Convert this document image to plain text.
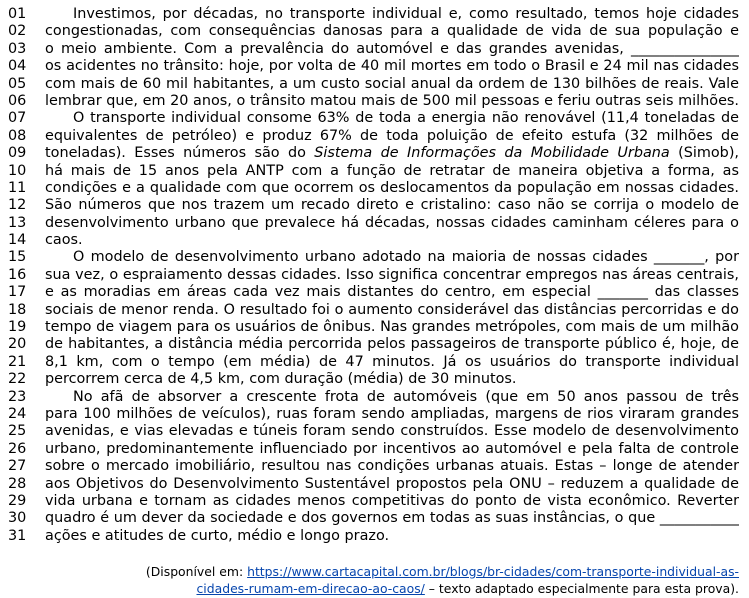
01	Investimos, por décadas, no transporte individual e, como resultado, temos hoje cidades
02	congestionadas, com consequências danosas para a qualidade de vida de sua população e
03	o meio ambiente. Com a prevalência do automóvel e das grandes avenidas, _______________
04	os acidentes no trânsito: hoje, por volta de 40 mil mortes em todo o Brasil e 24 mil nas cidades
05	com mais de 60 mil habitantes, a um custo social anual da ordem de 130 bilhões de reais. Vale
06	lembrar que, em 20 anos, o trânsito matou mais de 500 mil pessoas e feriu outras seis milhões.
07	O transporte individual consome 63% de toda a energia não renovável (11,4 toneladas de
08	equivalentes de petróleo) e produz 67% de toda poluição de efeito estufa (32 milhões de
09	toneladas). Esses números são do Sistema de Informações da Mobilidade Urbana (Simob),
10	há mais de 15 anos pela ANTP com a função de retratar de maneira objetiva a forma, as
11	condições e a qualidade com que ocorrem os deslocamentos da população em nossas cidades.
12	São números que nos trazem um recado direto e cristalino: caso não se corrija o modelo de
13	desenvolvimento urbano que prevalece há décadas, nossas cidades caminham céleres para o
14	caos.
15	O modelo de desenvolvimento urbano adotado na maioria de nossas cidades _______, por
16	sua vez, o espraiamento dessas cidades. Isso significa concentrar empregos nas áreas centrais,
17	e as moradias em áreas cada vez mais distantes do centro, em especial _______ das classes
18	sociais de menor renda. O resultado foi o aumento considerável das distâncias percorridas e do
19	tempo de viagem para os usuários de ônibus. Nas grandes metrópoles, com mais de um milhão
20	de habitantes, a distância média percorrida pelos passageiros de transporte público é, hoje, de
21	8,1 km, com o tempo (em média) de 47 minutos. Já os usuários do transporte individual
22	percorrem cerca de 4,5 km, com duração (média) de 30 minutos.
23	No afã de absorver a crescente frota de automóveis (que em 50 anos passou de três
24	para 100 milhões de veículos), ruas foram sendo ampliadas, margens de rios viraram grandes
25	avenidas, e vias elevadas e túneis foram sendo construídos. Esse modelo de desenvolvimento
26	urbano, predominantemente influenciado por incentivos ao automóvel e pela falta de controle
27	sobre o mercado imobiliário, resultou nas condições urbanas atuais. Estas – longe de atender
28	aos Objetivos do Desenvolvimento Sustentável propostos pela ONU – reduzem a qualidade de
29	vida urbana e tornam as cidades menos competitivas do ponto de vista econômico. Reverter
30	quadro é um dever da sociedade e dos governos em todas as suas instâncias, o que ___________
31	ações e atitudes de curto, médio e longo prazo.
(Disponível em: https://www.cartacapital.com.br/blogs/br-cidades/com-transporte-individual-as-
cidades-rumam-em-direcao-ao-caos/ – texto adaptado especialmente para esta prova).
